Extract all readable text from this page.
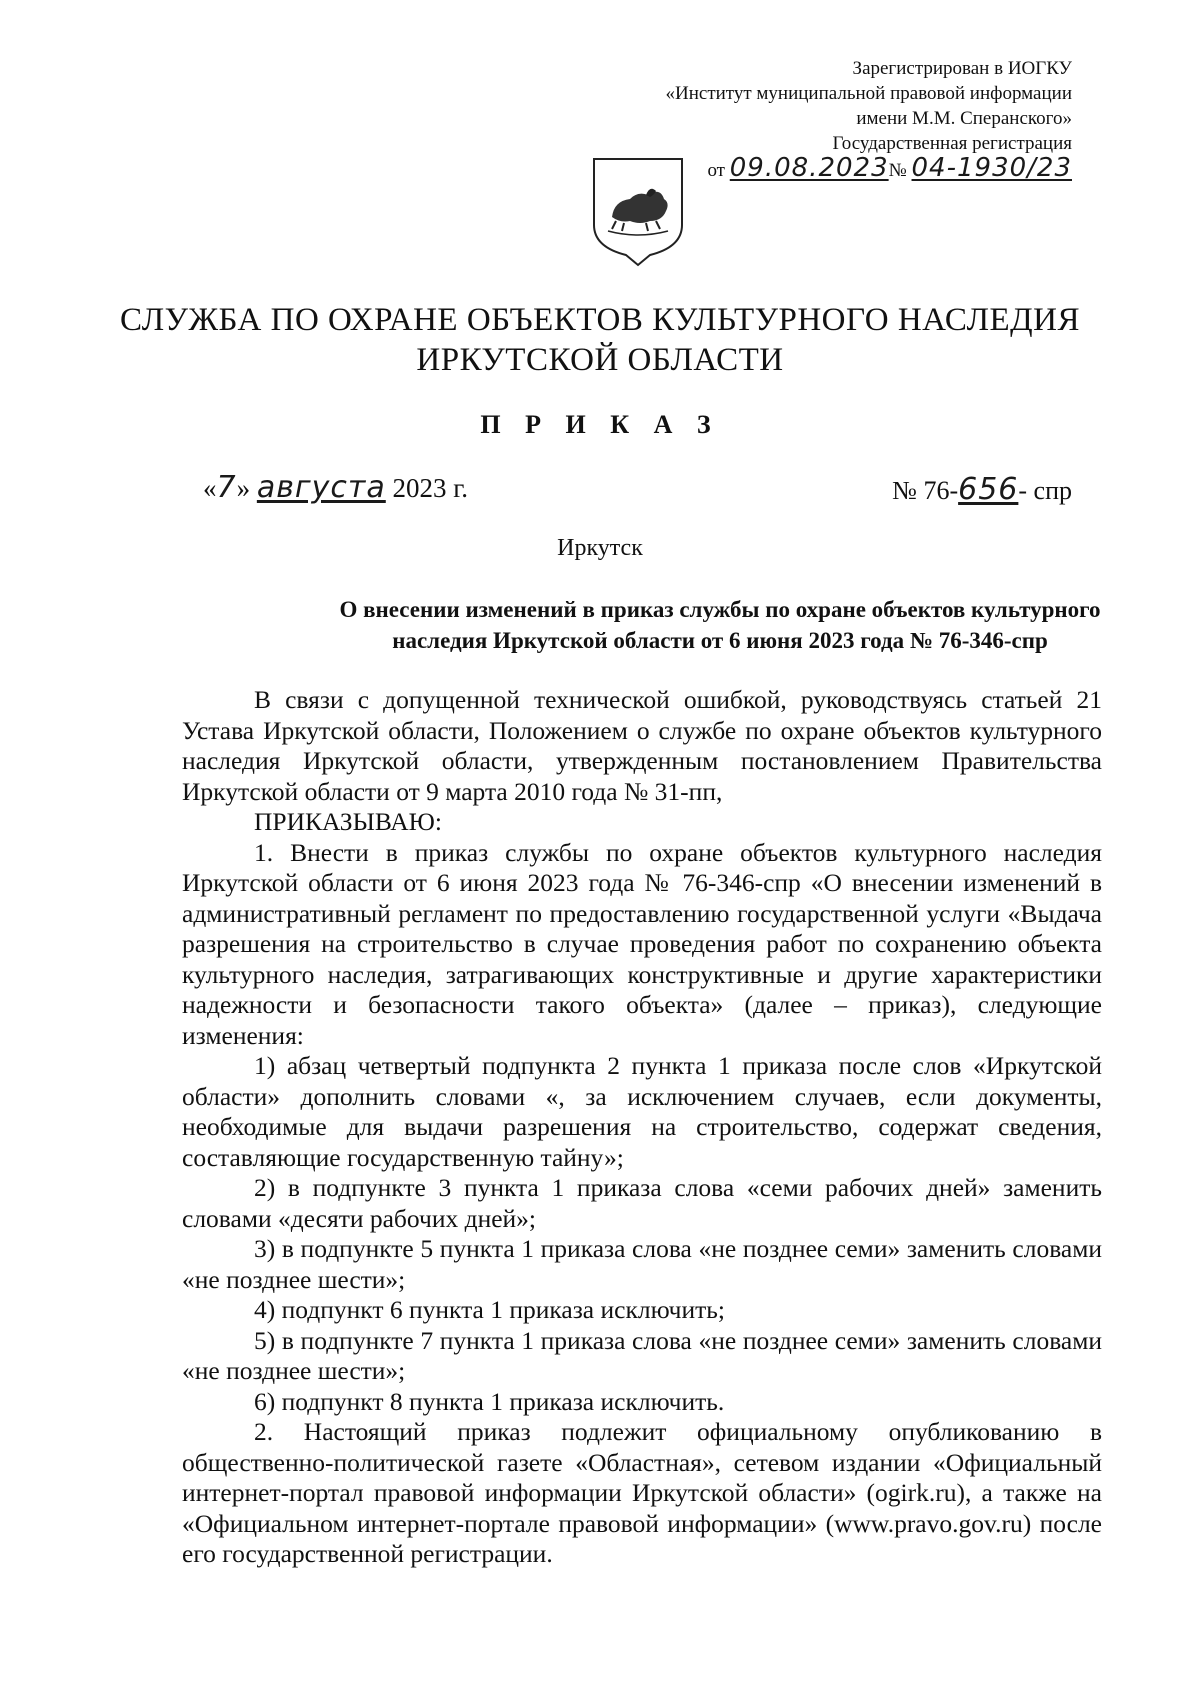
Зарегистрирован в ИОГКУ
«Институт муниципальной правовой информации
имени М.М. Сперанского»
Государственная регистрация
от 09.08.2023№ 04-1930/23
СЛУЖБА ПО ОХРАНЕ ОБЪЕКТОВ КУЛЬТУРНОГО НАСЛЕДИЯ
ИРКУТСКОЙ ОБЛАСТИ
П Р И К А З
«7» августа 2023 г.	№ 76-656- спр
Иркутск
О внесении изменений в приказ службы по охране объектов культурного
наследия Иркутской области от 6 июня 2023 года № 76-346-спр

В связи с допущенной технической ошибкой, руководствуясь статьей 21 Устава Иркутской области, Положением о службе по охране объектов культурного наследия Иркутской области, утвержденным постановлением Правительства Иркутской области от 9 марта 2010 года № 31-пп,

ПРИКАЗЫВАЮ:

1. Внести в приказ службы по охране объектов культурного наследия Иркутской области от 6 июня 2023 года № 76-346-спр «О внесении изменений в административный регламент по предоставлению государственной услуги «Выдача разрешения на строительство в случае проведения работ по сохранению объекта культурного наследия, затрагивающих конструктивные и другие характеристики надежности и безопасности такого объекта» (далее – приказ), следующие изменения:

1) абзац четвертый подпункта 2 пункта 1 приказа после слов «Иркутской области» дополнить словами «, за исключением случаев, если документы, необходимые для выдачи разрешения на строительство, содержат сведения, составляющие государственную тайну»;

2) в подпункте 3 пункта 1 приказа слова «семи рабочих дней» заменить словами «десяти рабочих дней»;

3) в подпункте 5 пункта 1 приказа слова «не позднее семи» заменить словами «не позднее шести»;

4) подпункт 6 пункта 1 приказа исключить;

5) в подпункте 7 пункта 1 приказа слова «не позднее семи» заменить словами «не позднее шести»;

6) подпункт 8 пункта 1 приказа исключить.

2. Настоящий приказ подлежит официальному опубликованию в общественно-политической газете «Областная», сетевом издании «Официальный интернет-портал правовой информации Иркутской области» (ogirk.ru), а также на «Официальном интернет-портале правовой информации» (www.pravo.gov.ru) после его государственной регистрации.
